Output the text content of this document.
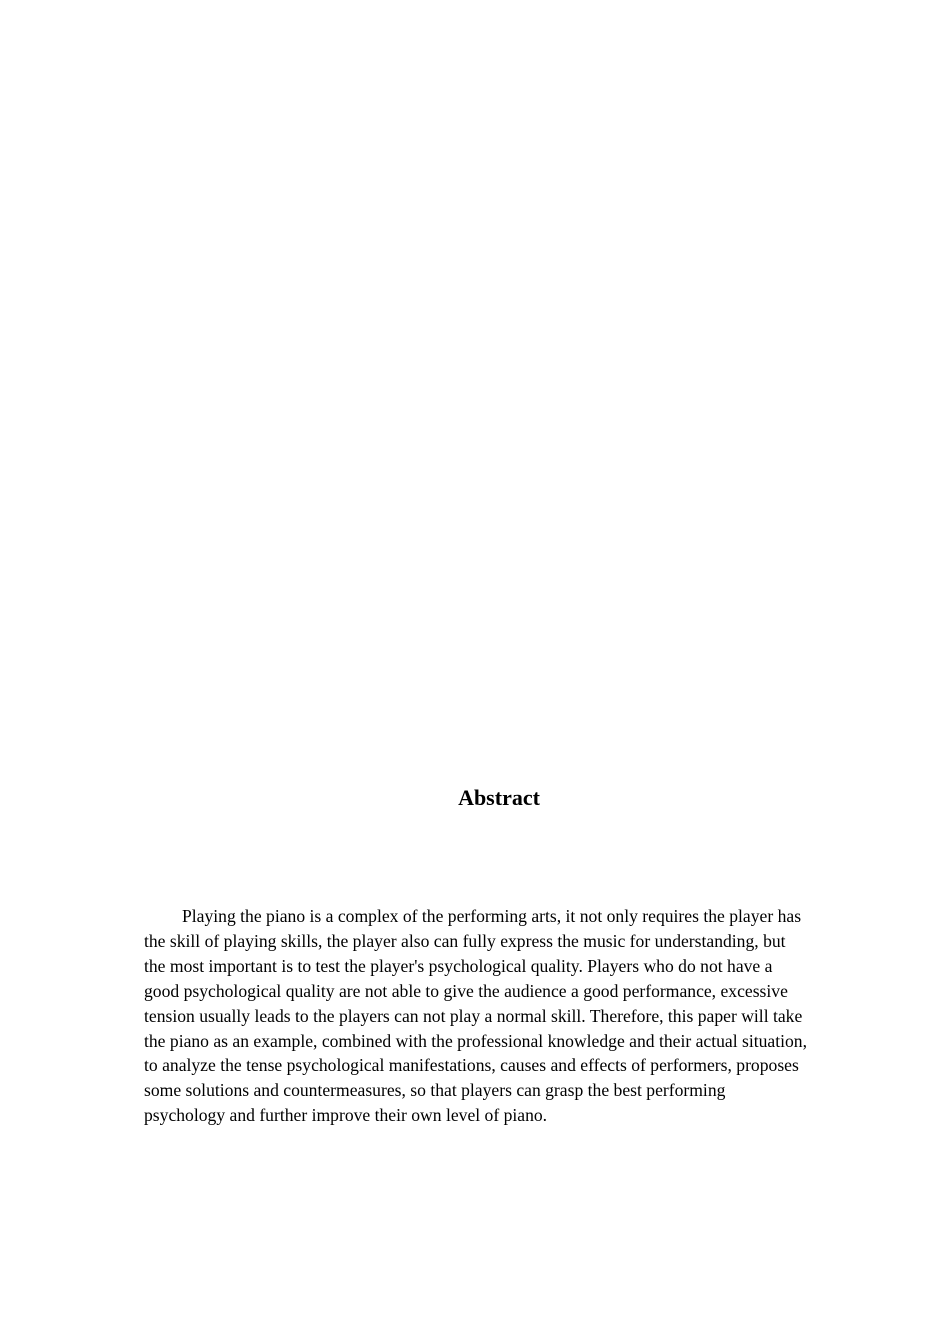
Abstract

Playing the piano is a complex of the performing arts, it not only requires the player has the skill of playing skills, the player also can fully express the music for understanding, but the most important is to test the player's psychological quality. Players who do not have a good psychological quality are not able to give the audience a good performance, excessive tension usually leads to the players can not play a normal skill. Therefore, this paper will take the piano as an example, combined with the professional knowledge and their actual situation, to analyze the tense psychological manifestations, causes and effects of performers, proposes some solutions and countermeasures, so that players can grasp the best performing psychology and further improve their own level of piano.
